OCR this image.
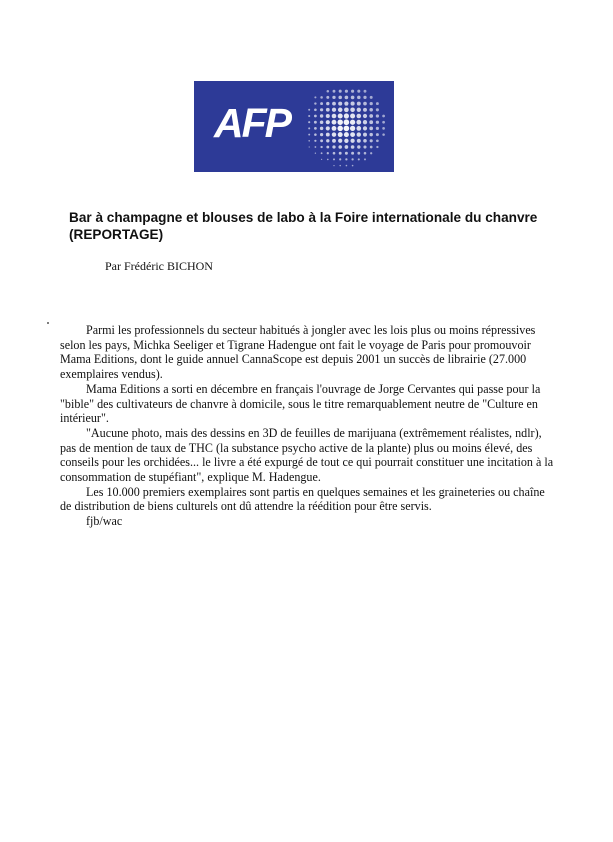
AFP
Bar à champagne et blouses de labo à la Foire internationale du chanvre (REPORTAGE)
Par Frédéric BICHON

Parmi les professionnels du secteur habitués à jongler avec les lois plus ou moins répressives selon les pays, Michka Seeliger et Tigrane Hadengue ont fait le voyage de Paris pour promouvoir Mama Editions, dont le guide annuel CannaScope est depuis 2001 un succès de librairie (27.000 exemplaires vendus).

Mama Editions a sorti en décembre en français l'ouvrage de Jorge Cervantes qui passe pour la "bible" des cultivateurs de chanvre à domicile, sous le titre remarquablement neutre de "Culture en intérieur".

"Aucune photo, mais des dessins en 3D de feuilles de marijuana (extrêmement réalistes, ndlr), pas de mention de taux de THC (la substance psycho active de la plante) plus ou moins élevé, des conseils pour les orchidées... le livre a été expurgé de tout ce qui pourrait constituer une incitation à la consommation de stupéfiant", explique M. Hadengue.

Les 10.000 premiers exemplaires sont partis en quelques semaines et les graineteries ou chaîne de distribution de biens culturels ont dû attendre la réédition pour être servis.

fjb/wac
